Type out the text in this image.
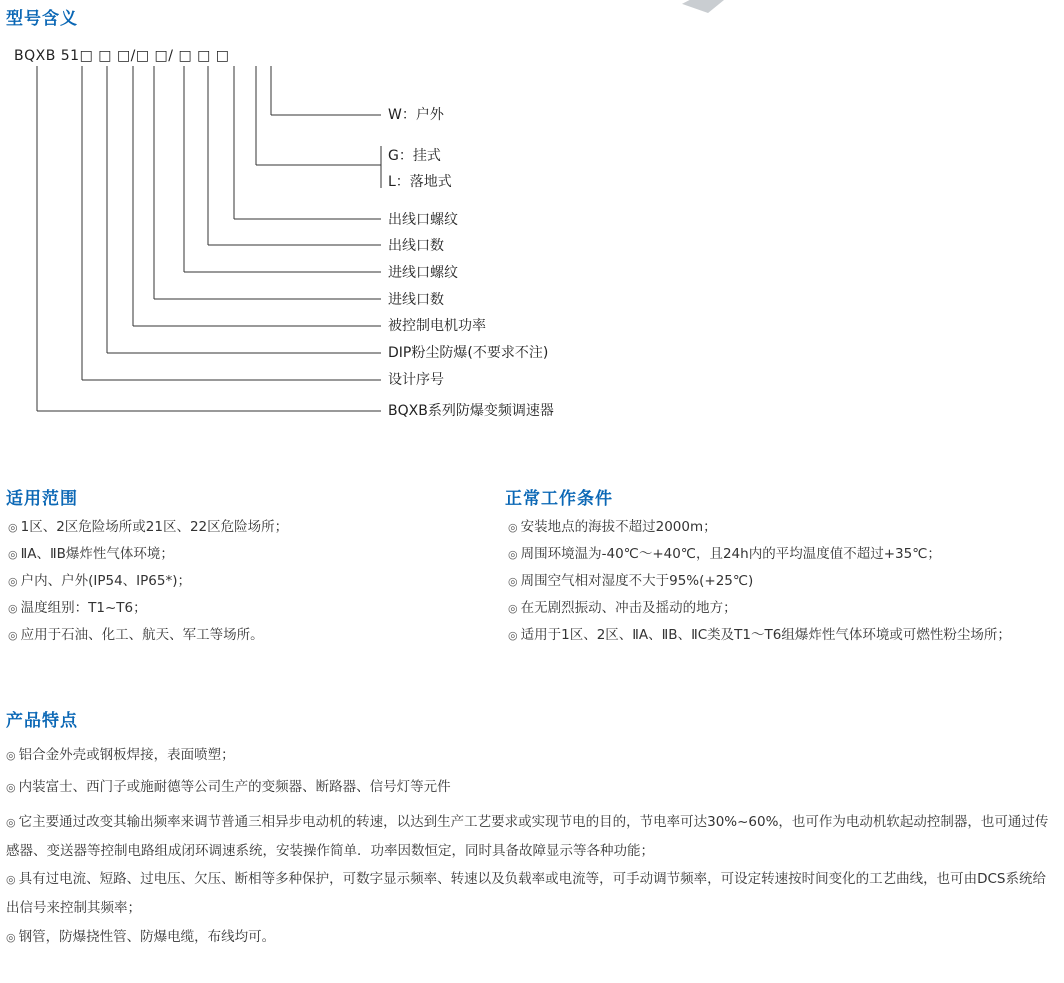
型号含义

BQXB 51□ □ □/□ □/ □ □ □

W：户外
G：挂式
L：落地式
出线口螺纹
出线口数
进线口螺纹
进线口数
被控制电机功率
DIP粉尘防爆(不要求不注)
设计序号
BQXB系列防爆变频调速器
适用范围
◎ 1区、2区危险场所或21区、22区危险场所；
◎ ⅡA、ⅡB爆炸性气体环境；
◎ 户内、户外(IP54、IP65*)；
◎ 温度组别：T1~T6；
◎ 应用于石油、化工、航天、军工等场所。
正常工作条件
◎ 安装地点的海拔不超过2000m；
◎ 周围环境温为-40℃～+40℃，且24h内的平均温度值不超过+35℃；
◎ 周围空气相对湿度不大于95%(+25℃)
◎ 在无剧烈振动、冲击及摇动的地方；
◎ 适用于1区、2区、ⅡA、ⅡB、ⅡC类及T1～T6组爆炸性气体环境或可燃性粉尘场所；
产品特点
◎ 铝合金外壳或钢板焊接，表面喷塑；
◎ 内装富士、西门子或施耐德等公司生产的变频器、断路器、信号灯等元件
◎ 它主要通过改变其输出频率来调节普通三相异步电动机的转速，以达到生产工艺要求或实现节电的目的，节电率可达30%~60%，也可作为电动机软起动控制器，也可通过传感器、变送器等控制电路组成闭环调速系统，安装操作简单．功率因数恒定，同时具备故障显示等各种功能；
◎ 具有过电流、短路、过电压、欠压、断相等多种保护，可数字显示频率、转速以及负载率或电流等，可手动调节频率，可设定转速按时间变化的工艺曲线，也可由DCS系统给出信号来控制其频率；
◎ 钢管，防爆挠性管、防爆电缆，布线均可。
